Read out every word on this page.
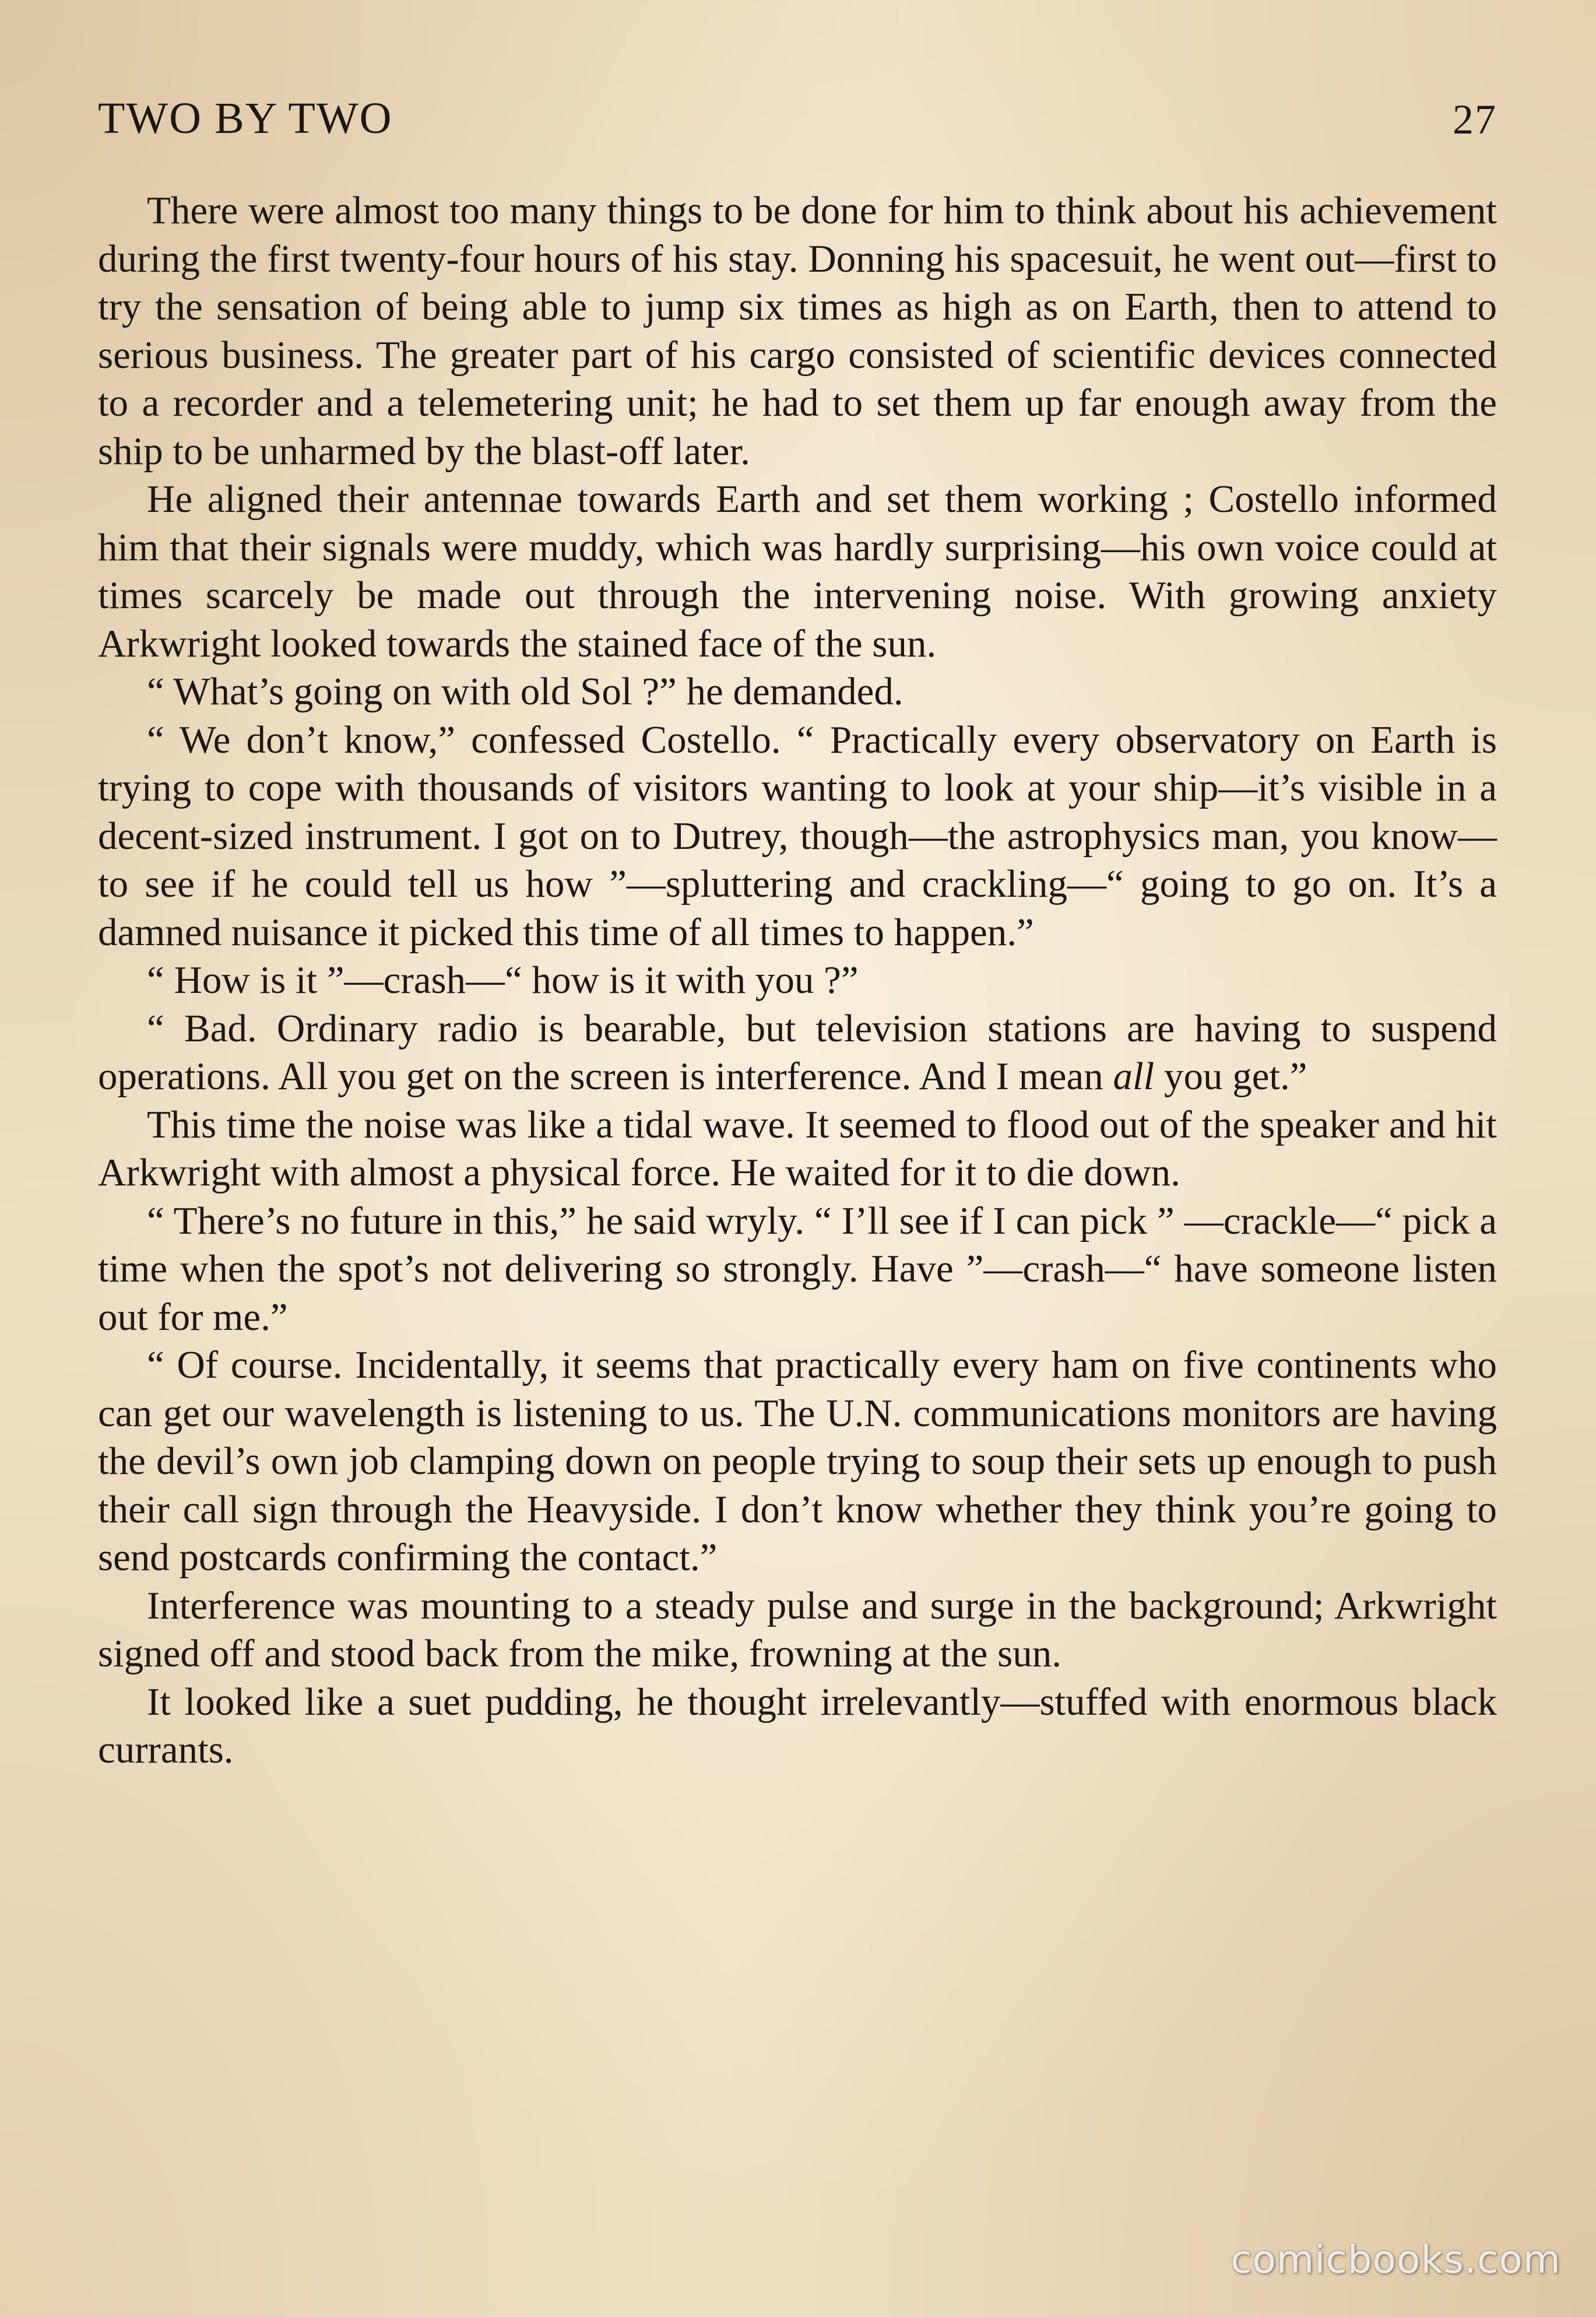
TWO BY TWO	27

There were almost too many things to be done for him to think about his achievement during the first twenty-four hours of his stay. Donning his spacesuit, he went out—first to try the sensation of being able to jump six times as high as on Earth, then to attend to serious business. The greater part of his cargo consisted of scientific devices connected to a recorder and a telemetering unit; he had to set them up far enough away from the ship to be unharmed by the blast-off later.

He aligned their antennae towards Earth and set them working ; Costello informed him that their signals were muddy, which was hardly surprising—his own voice could at times scarcely be made out through the intervening noise. With growing anxiety Arkwright looked towards the stained face of the sun.

“ What’s going on with old Sol ?” he demanded.

“ We don’t know,” confessed Costello. “ Practically every observatory on Earth is trying to cope with thousands of visitors wanting to look at your ship—it’s visible in a decent-sized instrument. I got on to Dutrey, though—the astrophysics man, you know—to see if he could tell us how ”—spluttering and crackling—“ going to go on. It’s a damned nuisance it picked this time of all times to happen.”

“ How is it ”—crash—“ how is it with you ?”

“ Bad. Ordinary radio is bearable, but television stations are having to suspend operations. All you get on the screen is interference. And I mean all you get.”

This time the noise was like a tidal wave. It seemed to flood out of the speaker and hit Arkwright with almost a physical force. He waited for it to die down.

“ There’s no future in this,” he said wryly. “ I’ll see if I can pick ” —crackle—“ pick a time when the spot’s not delivering so strongly. Have ”—crash—“ have someone listen out for me.”

“ Of course. Incidentally, it seems that practically every ham on five continents who can get our wavelength is listening to us. The U.N. communications monitors are having the devil’s own job clamping down on people trying to soup their sets up enough to push their call sign through the Heavyside. I don’t know whether they think you’re going to send postcards confirming the contact.”

Interference was mounting to a steady pulse and surge in the background; Arkwright signed off and stood back from the mike, frowning at the sun.

It looked like a suet pudding, he thought irrelevantly—stuffed with enormous black currants.

comicbooks.com
